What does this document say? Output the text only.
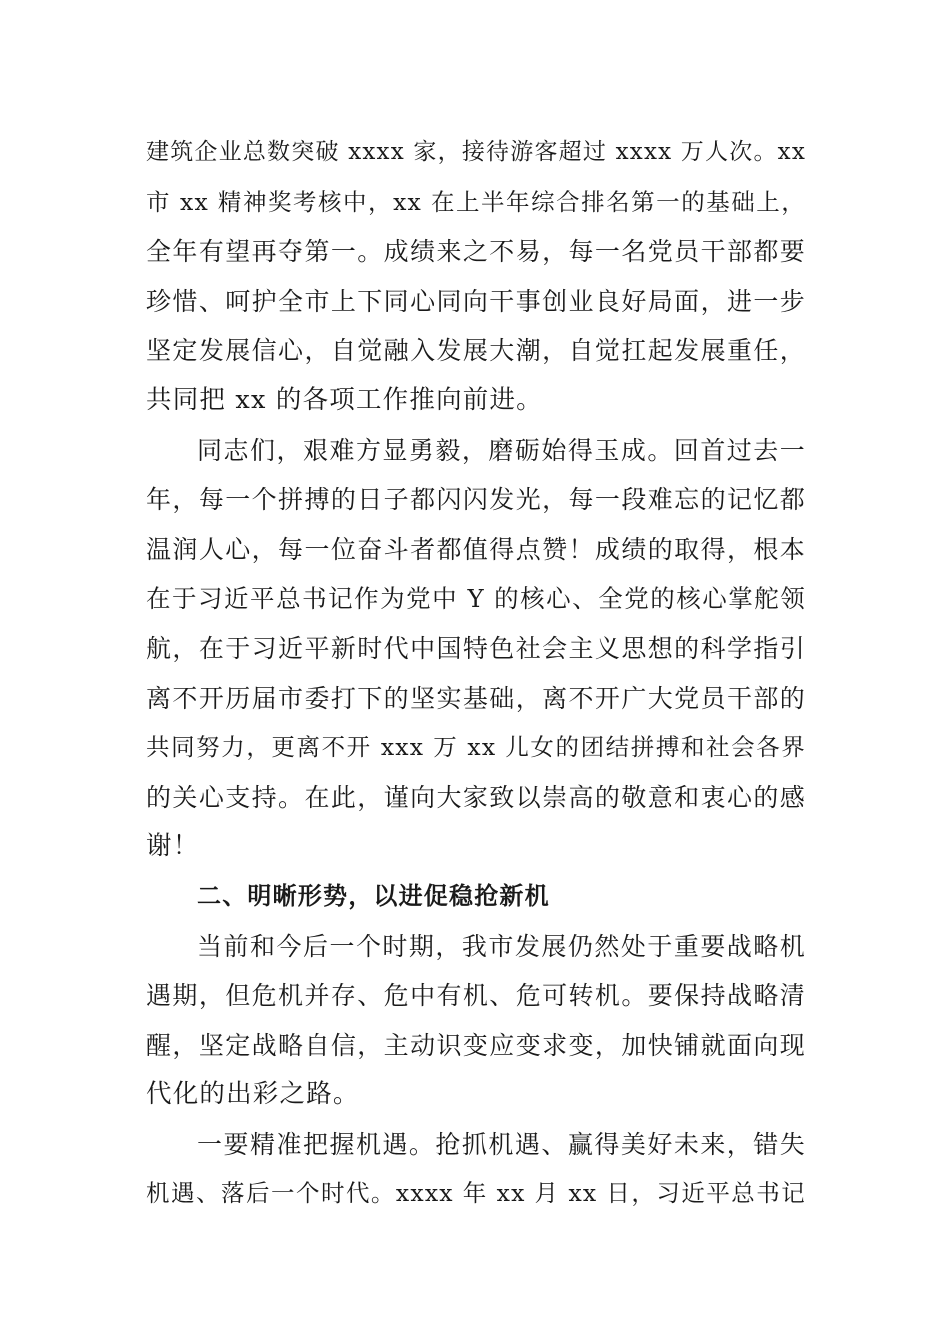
建筑企业总数突破 xxxx 家，接待游客超过 xxxx 万人次。xx
市 xx 精神奖考核中，xx 在上半年综合排名第一的基础上，
全年有望再夺第一。成绩来之不易，每一名党员干部都要
珍惜、呵护全市上下同心同向干事创业良好局面，进一步
坚定发展信心，自觉融入发展大潮，自觉扛起发展重任，
共同把 xx 的各项工作推向前进。
同志们，艰难方显勇毅，磨砺始得玉成。回首过去一
年，每一个拼搏的日子都闪闪发光，每一段难忘的记忆都
温润人心，每一位奋斗者都值得点赞！成绩的取得，根本
在于习近平总书记作为党中 Y 的核心、全党的核心掌舵领
航，在于习近平新时代中国特色社会主义思想的科学指引
离不开历届市委打下的坚实基础，离不开广大党员干部的
共同努力，更离不开 xxx 万 xx 儿女的团结拼搏和社会各界
的关心支持。在此，谨向大家致以崇高的敬意和衷心的感
谢！
二、明晰形势，以进促稳抢新机
当前和今后一个时期，我市发展仍然处于重要战略机
遇期，但危机并存、危中有机、危可转机。要保持战略清
醒，坚定战略自信，主动识变应变求变，加快铺就面向现
代化的出彩之路。
一要精准把握机遇。抢抓机遇、赢得美好未来，错失
机遇、落后一个时代。xxxx 年 xx 月 xx 日，习近平总书记
